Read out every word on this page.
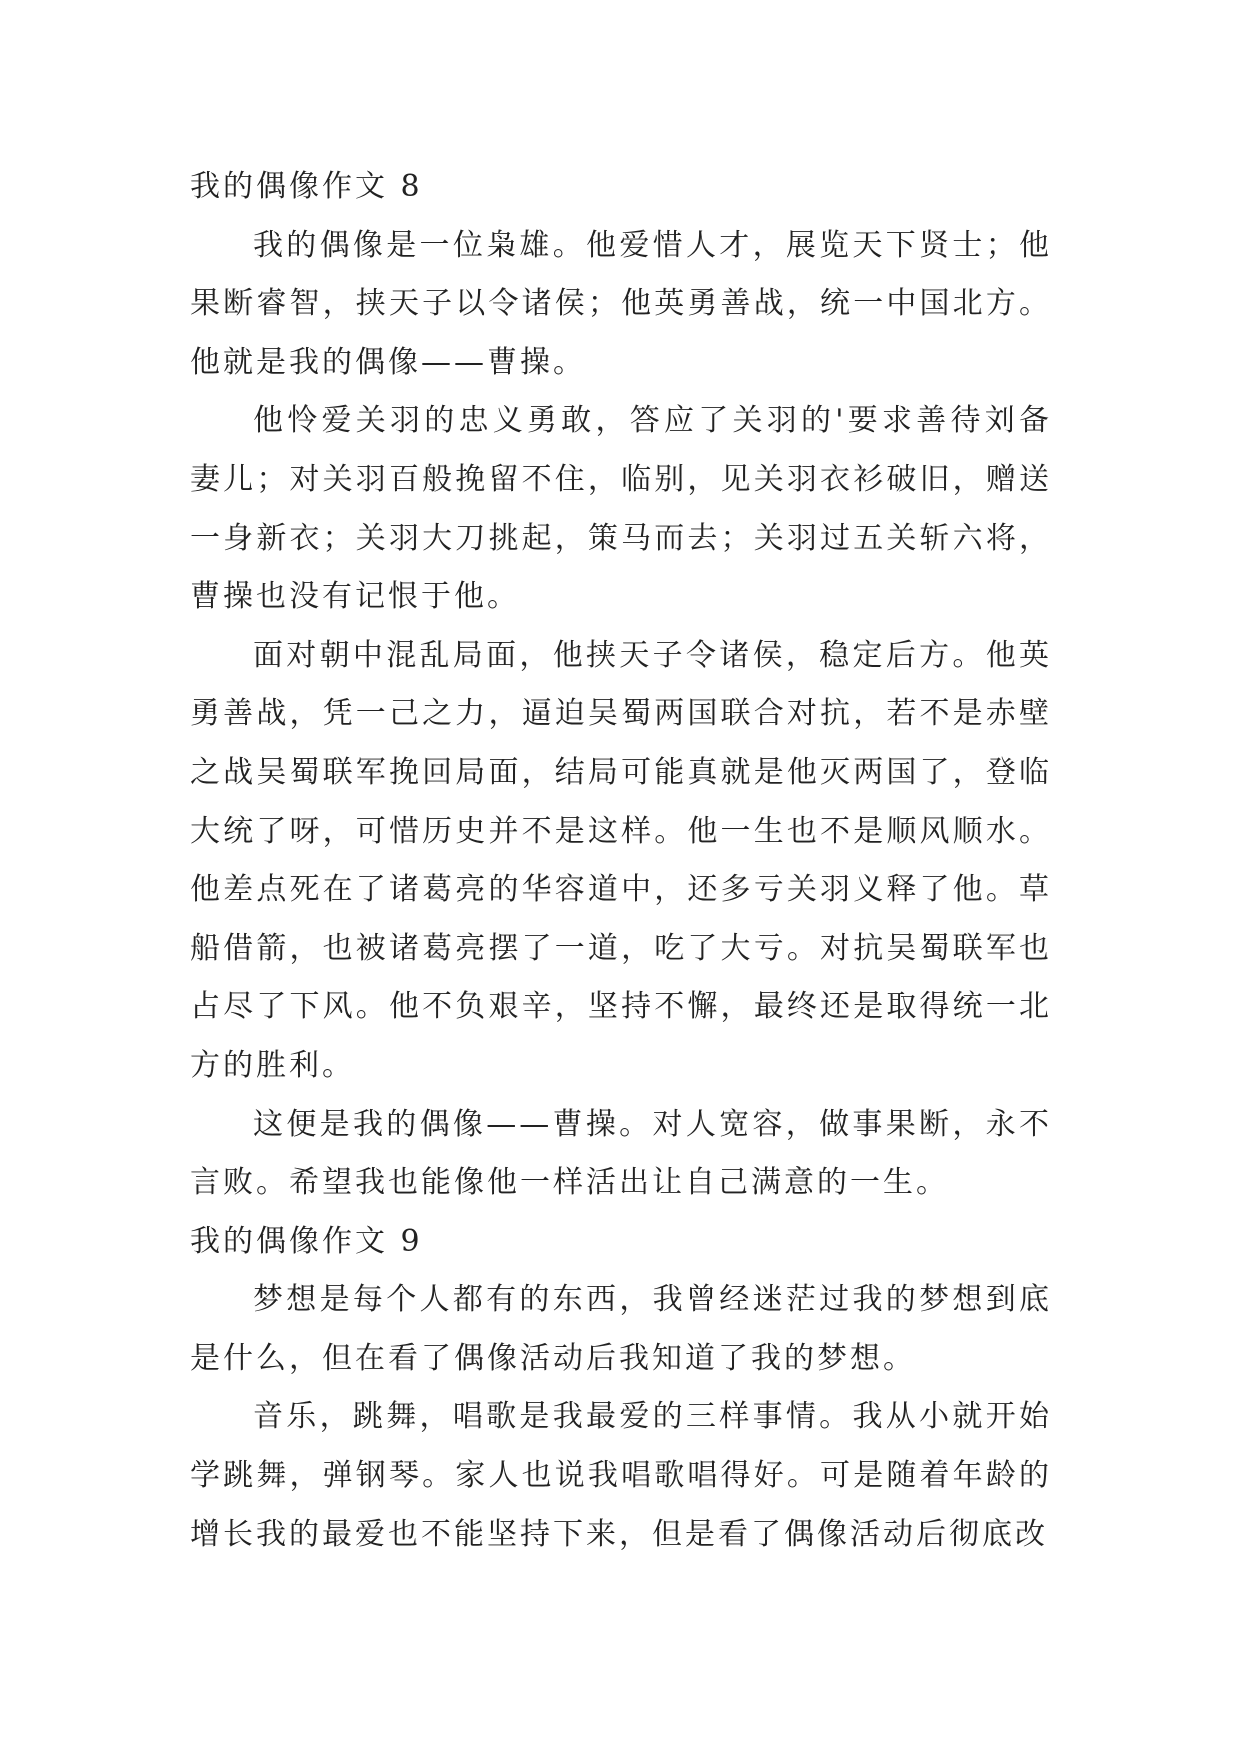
我的偶像作文 8

我的偶像是一位枭雄。他爱惜人才，展览天下贤士；他果断睿智，挟天子以令诸侯；他英勇善战，统一中国北方。他就是我的偶像——曹操。

他怜爱关羽的忠义勇敢，答应了关羽的'要求善待刘备妻儿；对关羽百般挽留不住，临别，见关羽衣衫破旧，赠送一身新衣；关羽大刀挑起，策马而去；关羽过五关斩六将，曹操也没有记恨于他。

面对朝中混乱局面，他挟天子令诸侯，稳定后方。他英勇善战，凭一己之力，逼迫吴蜀两国联合对抗，若不是赤壁之战吴蜀联军挽回局面，结局可能真就是他灭两国了，登临大统了呀，可惜历史并不是这样。他一生也不是顺风顺水。他差点死在了诸葛亮的华容道中，还多亏关羽义释了他。草船借箭，也被诸葛亮摆了一道，吃了大亏。对抗吴蜀联军也占尽了下风。他不负艰辛，坚持不懈，最终还是取得统一北方的胜利。

这便是我的偶像——曹操。对人宽容，做事果断，永不言败。希望我也能像他一样活出让自己满意的一生。

我的偶像作文 9

梦想是每个人都有的东西，我曾经迷茫过我的梦想到底是什么，但在看了偶像活动后我知道了我的梦想。

音乐，跳舞，唱歌是我最爱的三样事情。我从小就开始学跳舞，弹钢琴。家人也说我唱歌唱得好。可是随着年龄的增长我的最爱也不能坚持下来，但是看了偶像活动后彻底改
